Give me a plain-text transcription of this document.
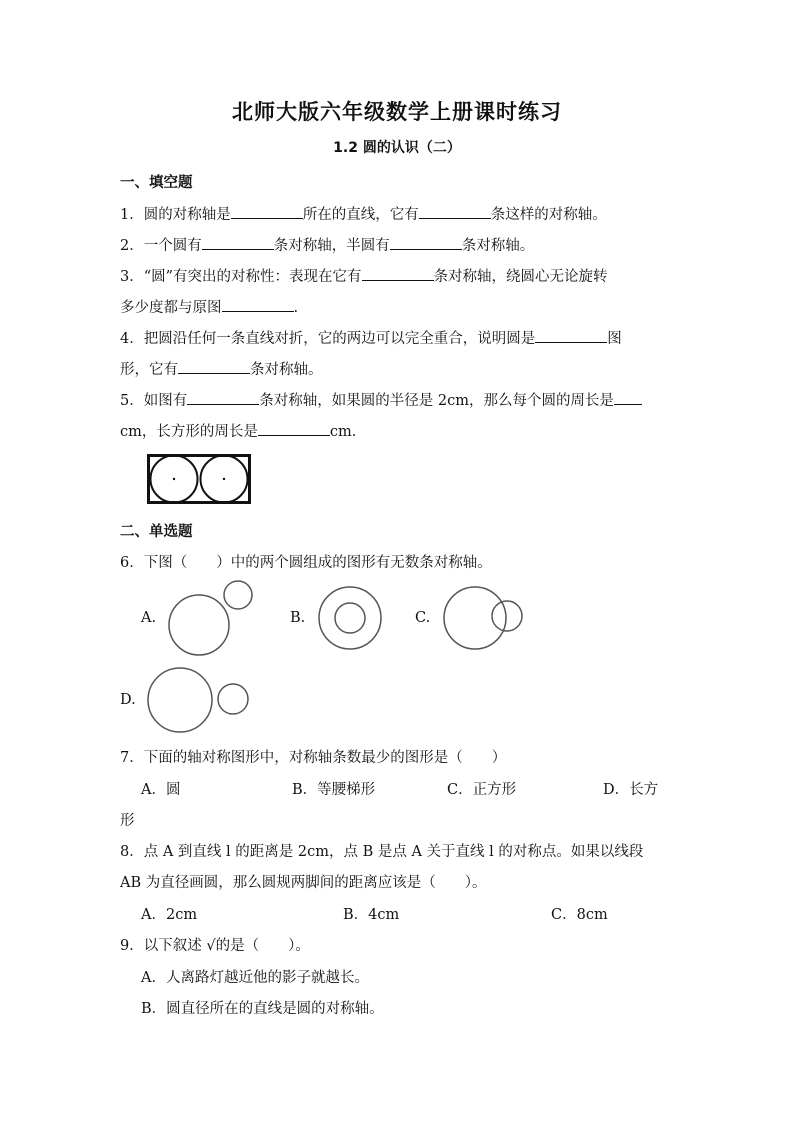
北师大版六年级数学上册课时练习
1.2 圆的认识（二）
一、填空题
1．圆的对称轴是	所在的直线，它有	条这样的对称轴。
2．一个圆有	条对称轴，半圆有	条对称轴。
3．“圆”有突出的对称性：表现在它有	条对称轴，绕圆心无论旋转
多少度都与原图	.
4．把圆沿任何一条直线对折，它的两边可以完全重合，说明圆是	图
形，它有	条对称轴。
5．如图有	条对称轴，如果圆的半径是 2cm，那么每个圆的周长是
cm，长方形的周长是	cm.
二、单选题
6．下图（　　）中的两个圆组成的图形有无数条对称轴。
A.	B.	C.
D.
7．下面的轴对称图形中，对称轴条数最少的图形是（　　）
A．圆	B．等腰梯形	C．正方形	D．长方
形
8．点 A 到直线 l 的距离是 2cm，点 B 是点 A 关于直线 l 的对称点。如果以线段
AB 为直径画圆，那么圆规两脚间的距离应该是（　　）。
A．2cm	B．4cm	C．8cm
9．以下叙述 √的是（　　）。
A．人离路灯越近他的影子就越长。
B．圆直径所在的直线是圆的对称轴。
